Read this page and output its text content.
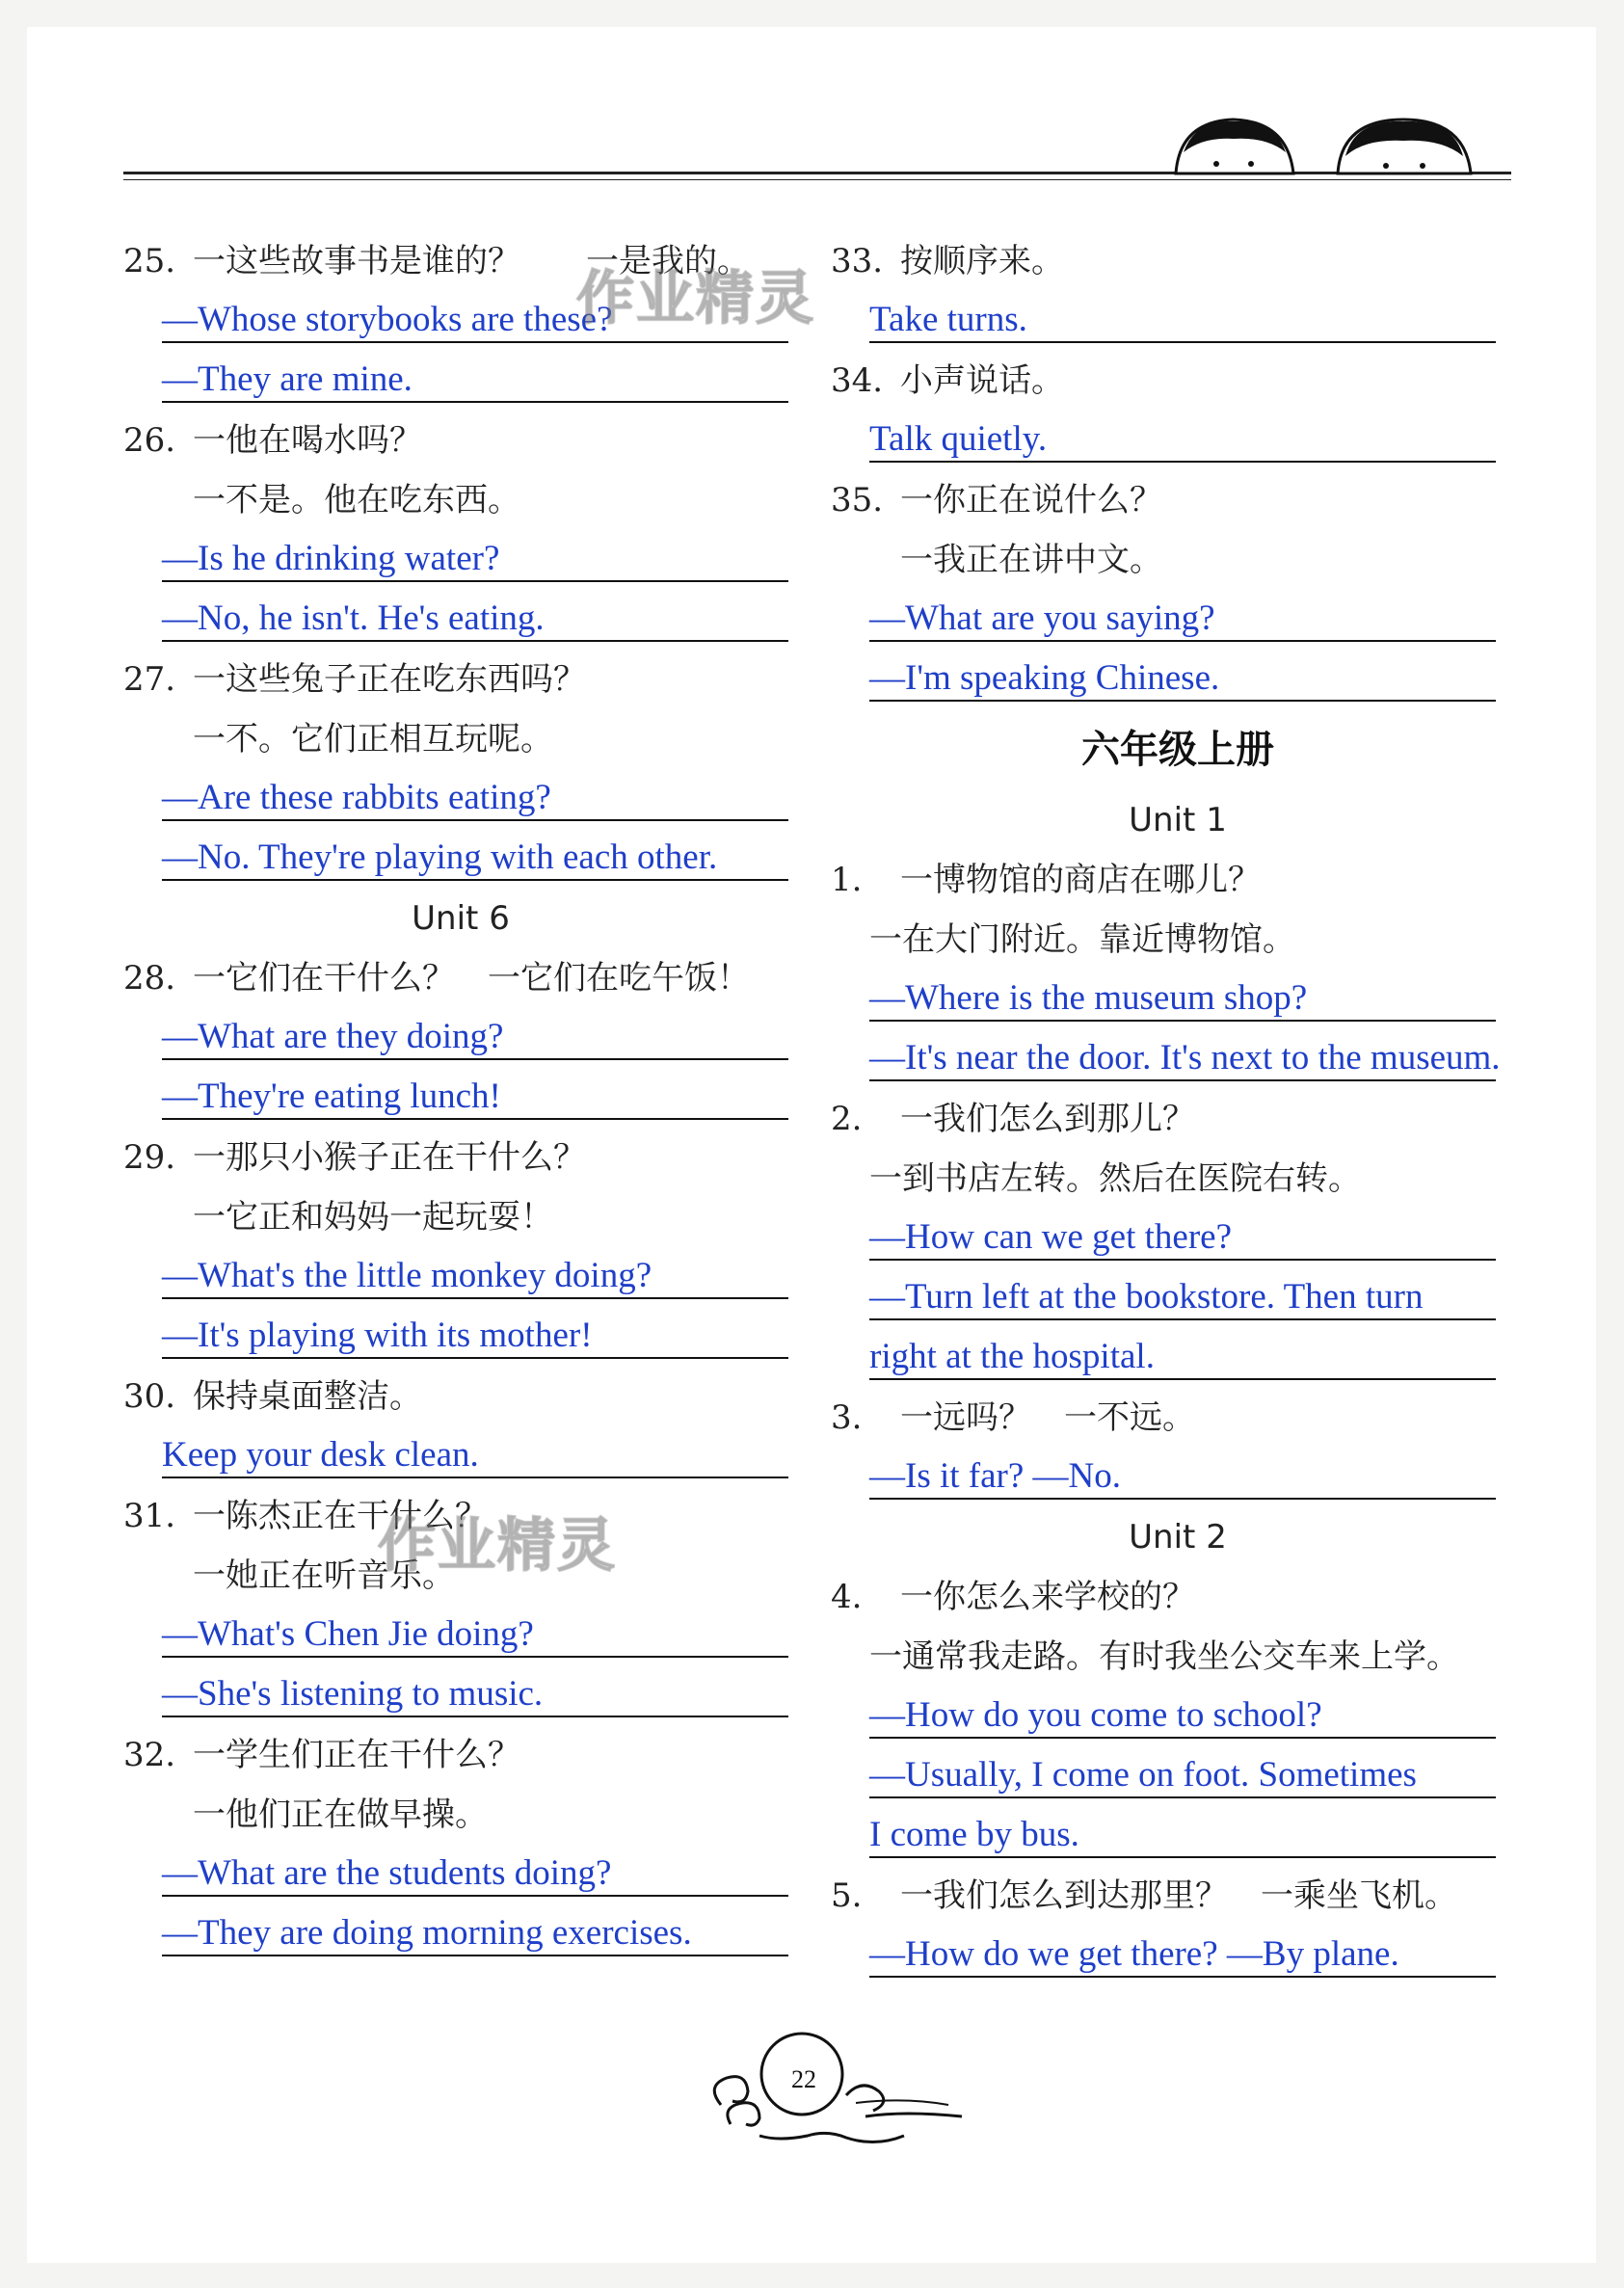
25. 一这些故事书是谁的？　　一是我的。
—Whose storybooks are these?
—They are mine.
26. 一他在喝水吗？
一不是。他在吃东西。
—Is he drinking water?
—No, he isn't. He's eating.
27. 一这些兔子正在吃东西吗？
一不。它们正相互玩呢。
—Are these rabbits eating?
—No. They're playing with each other.
Unit 6
28. 一它们在干什么？　一它们在吃午饭！
—What are they doing?
—They're eating lunch!
29. 一那只小猴子正在干什么？
一它正和妈妈一起玩耍！
—What's the little monkey doing?
—It's playing with its mother!
30. 保持桌面整洁。
Keep your desk clean.
31. 一陈杰正在干什么？
一她正在听音乐。
—What's Chen Jie doing?
—She's listening to music.
32. 一学生们正在干什么？
一他们正在做早操。
—What are the students doing?
—They are doing morning exercises.
33. 按顺序来。
Take turns.
34. 小声说话。
Talk quietly.
35. 一你正在说什么？
一我正在讲中文。
—What are you saying?
—I'm speaking Chinese.
六年级上册
Unit 1
1. 一博物馆的商店在哪儿？
一在大门附近。靠近博物馆。
—Where is the museum shop?
—It's near the door. It's next to the museum.
2. 一我们怎么到那儿？
一到书店左转。然后在医院右转。
—How can we get there?
—Turn left at the bookstore. Then turn
right at the hospital.
3. 一远吗？　一不远。
—Is it far? —No.
Unit 2
4. 一你怎么来学校的？
一通常我走路。有时我坐公交车来上学。
—How do you come to school?
—Usually, I come on foot. Sometimes
I come by bus.
5. 一我们怎么到达那里？　一乘坐飞机。
—How do we get there? —By plane.
作业精灵
作业精灵
22
